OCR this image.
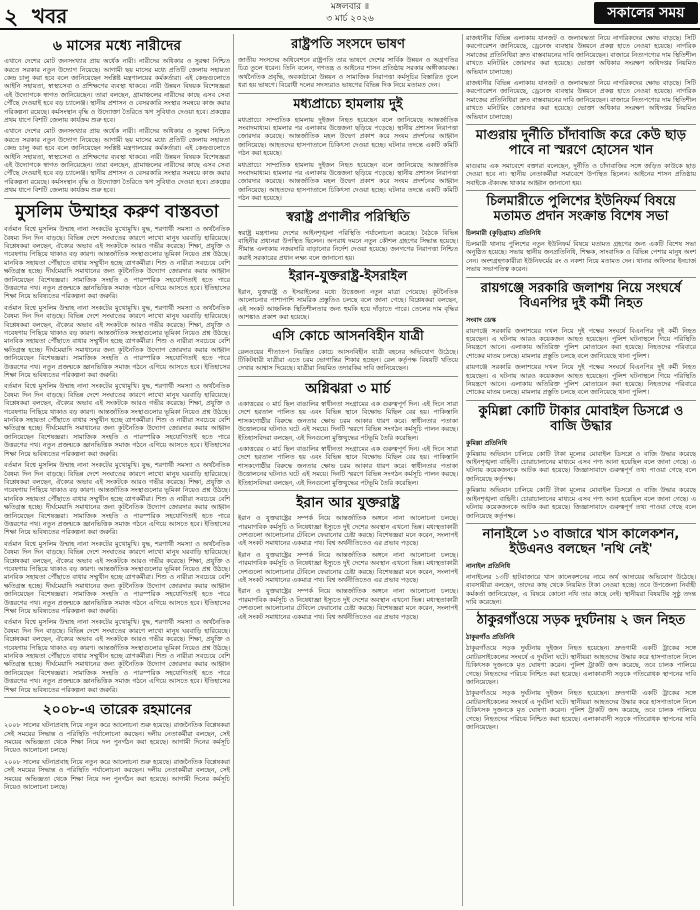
২ খবর	মঙ্গলবার ॥
৩ মার্চ ২০২৬	সকালের সময়
৬ মাসের মধ্যে নারীদের

এখানে দেশের মোট জনসংখ্যার প্রায় অর্ধেক নারী। নারীদের অধিকার ও সুরক্ষা নিশ্চিত করতে সরকার নতুন উদ্যোগ নিয়েছে। আগামী ছয় মাসের মধ্যে প্রতিটি জেলায় সহায়তা কেন্দ্র চালু করা হবে বলে জানিয়েছেন সংশ্লিষ্ট মন্ত্রণালয়ের কর্মকর্তারা। এই কেন্দ্রগুলোতে আইনি সহায়তা, স্বাস্থ্যসেবা ও প্রশিক্ষণের ব্যবস্থা থাকবে। নারী উন্নয়ন বিষয়ক বিশেষজ্ঞরা এই উদ্যোগকে স্বাগত জানিয়েছেন। তারা বলছেন, গ্রামাঞ্চলের নারীদের কাছে এসব সেবা পৌঁছে দেওয়াই হবে বড় চ্যালেঞ্জ। স্থানীয় প্রশাসন ও বেসরকারি সংস্থার সমন্বয়ে কাজ করার পরিকল্পনা রয়েছে। কর্মসংস্থান বৃদ্ধি ও উদ্যোক্তা তৈরিতে ঋণ সুবিধাও দেওয়া হবে। প্রকল্পের প্রথম ধাপে বিশটি জেলায় কার্যক্রম শুরু হবে।

এখানে দেশের মোট জনসংখ্যার প্রায় অর্ধেক নারী। নারীদের অধিকার ও সুরক্ষা নিশ্চিত করতে সরকার নতুন উদ্যোগ নিয়েছে। আগামী ছয় মাসের মধ্যে প্রতিটি জেলায় সহায়তা কেন্দ্র চালু করা হবে বলে জানিয়েছেন সংশ্লিষ্ট মন্ত্রণালয়ের কর্মকর্তারা। এই কেন্দ্রগুলোতে আইনি সহায়তা, স্বাস্থ্যসেবা ও প্রশিক্ষণের ব্যবস্থা থাকবে। নারী উন্নয়ন বিষয়ক বিশেষজ্ঞরা এই উদ্যোগকে স্বাগত জানিয়েছেন। তারা বলছেন, গ্রামাঞ্চলের নারীদের কাছে এসব সেবা পৌঁছে দেওয়াই হবে বড় চ্যালেঞ্জ। স্থানীয় প্রশাসন ও বেসরকারি সংস্থার সমন্বয়ে কাজ করার পরিকল্পনা রয়েছে। কর্মসংস্থান বৃদ্ধি ও উদ্যোক্তা তৈরিতে ঋণ সুবিধাও দেওয়া হবে। প্রকল্পের প্রথম ধাপে বিশটি জেলায় কার্যক্রম শুরু হবে।

মুসলিম উম্মাহর করুণ বাস্তবতা

বর্তমান বিশ্বে মুসলিম উম্মাহ নানা সংকটের মুখোমুখি। যুদ্ধ, শরণার্থী সমস্যা ও অর্থনৈতিক বৈষম্য দিন দিন বাড়ছে। বিভিন্ন দেশে সংঘাতের কারণে লাখো মানুষ ঘরবাড়ি হারিয়েছে। বিশ্লেষকরা বলছেন, ঐক্যের অভাব এই সংকটকে আরও গভীর করেছে। শিক্ষা, প্রযুক্তি ও গবেষণায় পিছিয়ে থাকাও বড় কারণ। আন্তর্জাতিক সংস্থাগুলোর ভূমিকা নিয়েও প্রশ্ন উঠছে। মানবিক সহায়তা পৌঁছাতে বাধার সম্মুখীন হচ্ছে ত্রাণকর্মীরা। শিশু ও নারীরা সবচেয়ে বেশি ক্ষতিগ্রস্ত হচ্ছে। দীর্ঘমেয়াদি সমাধানের জন্য কূটনৈতিক উদ্যোগ জোরদার করার আহ্বান জানিয়েছেন বিশেষজ্ঞরা। সামাজিক সংহতি ও পারস্পরিক সহযোগিতাই হতে পারে উত্তরণের পথ। নতুন প্রজন্মকে জ্ঞানভিত্তিক সমাজ গঠনে এগিয়ে আসতে হবে। ইতিহাসের শিক্ষা নিয়ে ভবিষ্যতের পরিকল্পনা করা জরুরি।

বর্তমান বিশ্বে মুসলিম উম্মাহ নানা সংকটের মুখোমুখি। যুদ্ধ, শরণার্থী সমস্যা ও অর্থনৈতিক বৈষম্য দিন দিন বাড়ছে। বিভিন্ন দেশে সংঘাতের কারণে লাখো মানুষ ঘরবাড়ি হারিয়েছে। বিশ্লেষকরা বলছেন, ঐক্যের অভাব এই সংকটকে আরও গভীর করেছে। শিক্ষা, প্রযুক্তি ও গবেষণায় পিছিয়ে থাকাও বড় কারণ। আন্তর্জাতিক সংস্থাগুলোর ভূমিকা নিয়েও প্রশ্ন উঠছে। মানবিক সহায়তা পৌঁছাতে বাধার সম্মুখীন হচ্ছে ত্রাণকর্মীরা। শিশু ও নারীরা সবচেয়ে বেশি ক্ষতিগ্রস্ত হচ্ছে। দীর্ঘমেয়াদি সমাধানের জন্য কূটনৈতিক উদ্যোগ জোরদার করার আহ্বান জানিয়েছেন বিশেষজ্ঞরা। সামাজিক সংহতি ও পারস্পরিক সহযোগিতাই হতে পারে উত্তরণের পথ। নতুন প্রজন্মকে জ্ঞানভিত্তিক সমাজ গঠনে এগিয়ে আসতে হবে। ইতিহাসের শিক্ষা নিয়ে ভবিষ্যতের পরিকল্পনা করা জরুরি।

বর্তমান বিশ্বে মুসলিম উম্মাহ নানা সংকটের মুখোমুখি। যুদ্ধ, শরণার্থী সমস্যা ও অর্থনৈতিক বৈষম্য দিন দিন বাড়ছে। বিভিন্ন দেশে সংঘাতের কারণে লাখো মানুষ ঘরবাড়ি হারিয়েছে। বিশ্লেষকরা বলছেন, ঐক্যের অভাব এই সংকটকে আরও গভীর করেছে। শিক্ষা, প্রযুক্তি ও গবেষণায় পিছিয়ে থাকাও বড় কারণ। আন্তর্জাতিক সংস্থাগুলোর ভূমিকা নিয়েও প্রশ্ন উঠছে। মানবিক সহায়তা পৌঁছাতে বাধার সম্মুখীন হচ্ছে ত্রাণকর্মীরা। শিশু ও নারীরা সবচেয়ে বেশি ক্ষতিগ্রস্ত হচ্ছে। দীর্ঘমেয়াদি সমাধানের জন্য কূটনৈতিক উদ্যোগ জোরদার করার আহ্বান জানিয়েছেন বিশেষজ্ঞরা। সামাজিক সংহতি ও পারস্পরিক সহযোগিতাই হতে পারে উত্তরণের পথ। নতুন প্রজন্মকে জ্ঞানভিত্তিক সমাজ গঠনে এগিয়ে আসতে হবে। ইতিহাসের শিক্ষা নিয়ে ভবিষ্যতের পরিকল্পনা করা জরুরি।

বর্তমান বিশ্বে মুসলিম উম্মাহ নানা সংকটের মুখোমুখি। যুদ্ধ, শরণার্থী সমস্যা ও অর্থনৈতিক বৈষম্য দিন দিন বাড়ছে। বিভিন্ন দেশে সংঘাতের কারণে লাখো মানুষ ঘরবাড়ি হারিয়েছে। বিশ্লেষকরা বলছেন, ঐক্যের অভাব এই সংকটকে আরও গভীর করেছে। শিক্ষা, প্রযুক্তি ও গবেষণায় পিছিয়ে থাকাও বড় কারণ। আন্তর্জাতিক সংস্থাগুলোর ভূমিকা নিয়েও প্রশ্ন উঠছে। মানবিক সহায়তা পৌঁছাতে বাধার সম্মুখীন হচ্ছে ত্রাণকর্মীরা। শিশু ও নারীরা সবচেয়ে বেশি ক্ষতিগ্রস্ত হচ্ছে। দীর্ঘমেয়াদি সমাধানের জন্য কূটনৈতিক উদ্যোগ জোরদার করার আহ্বান জানিয়েছেন বিশেষজ্ঞরা। সামাজিক সংহতি ও পারস্পরিক সহযোগিতাই হতে পারে উত্তরণের পথ। নতুন প্রজন্মকে জ্ঞানভিত্তিক সমাজ গঠনে এগিয়ে আসতে হবে। ইতিহাসের শিক্ষা নিয়ে ভবিষ্যতের পরিকল্পনা করা জরুরি।

বর্তমান বিশ্বে মুসলিম উম্মাহ নানা সংকটের মুখোমুখি। যুদ্ধ, শরণার্থী সমস্যা ও অর্থনৈতিক বৈষম্য দিন দিন বাড়ছে। বিভিন্ন দেশে সংঘাতের কারণে লাখো মানুষ ঘরবাড়ি হারিয়েছে। বিশ্লেষকরা বলছেন, ঐক্যের অভাব এই সংকটকে আরও গভীর করেছে। শিক্ষা, প্রযুক্তি ও গবেষণায় পিছিয়ে থাকাও বড় কারণ। আন্তর্জাতিক সংস্থাগুলোর ভূমিকা নিয়েও প্রশ্ন উঠছে। মানবিক সহায়তা পৌঁছাতে বাধার সম্মুখীন হচ্ছে ত্রাণকর্মীরা। শিশু ও নারীরা সবচেয়ে বেশি ক্ষতিগ্রস্ত হচ্ছে। দীর্ঘমেয়াদি সমাধানের জন্য কূটনৈতিক উদ্যোগ জোরদার করার আহ্বান জানিয়েছেন বিশেষজ্ঞরা। সামাজিক সংহতি ও পারস্পরিক সহযোগিতাই হতে পারে উত্তরণের পথ। নতুন প্রজন্মকে জ্ঞানভিত্তিক সমাজ গঠনে এগিয়ে আসতে হবে। ইতিহাসের শিক্ষা নিয়ে ভবিষ্যতের পরিকল্পনা করা জরুরি।

বর্তমান বিশ্বে মুসলিম উম্মাহ নানা সংকটের মুখোমুখি। যুদ্ধ, শরণার্থী সমস্যা ও অর্থনৈতিক বৈষম্য দিন দিন বাড়ছে। বিভিন্ন দেশে সংঘাতের কারণে লাখো মানুষ ঘরবাড়ি হারিয়েছে। বিশ্লেষকরা বলছেন, ঐক্যের অভাব এই সংকটকে আরও গভীর করেছে। শিক্ষা, প্রযুক্তি ও গবেষণায় পিছিয়ে থাকাও বড় কারণ। আন্তর্জাতিক সংস্থাগুলোর ভূমিকা নিয়েও প্রশ্ন উঠছে। মানবিক সহায়তা পৌঁছাতে বাধার সম্মুখীন হচ্ছে ত্রাণকর্মীরা। শিশু ও নারীরা সবচেয়ে বেশি ক্ষতিগ্রস্ত হচ্ছে। দীর্ঘমেয়াদি সমাধানের জন্য কূটনৈতিক উদ্যোগ জোরদার করার আহ্বান জানিয়েছেন বিশেষজ্ঞরা। সামাজিক সংহতি ও পারস্পরিক সহযোগিতাই হতে পারে উত্তরণের পথ। নতুন প্রজন্মকে জ্ঞানভিত্তিক সমাজ গঠনে এগিয়ে আসতে হবে। ইতিহাসের শিক্ষা নিয়ে ভবিষ্যতের পরিকল্পনা করা জরুরি।

২০০৮-এ তারেক রহমানের

২০০৮ সালের ঘটনাপ্রবাহ নিয়ে নতুন করে আলোচনা শুরু হয়েছে। রাজনৈতিক বিশ্লেষকরা সেই সময়ের সিদ্ধান্ত ও পরিস্থিতি পর্যালোচনা করছেন। দলীয় নেতাকর্মীরা বলছেন, সেই সময়ের অভিজ্ঞতা থেকে শিক্ষা নিয়ে দল পুনর্গঠন করা হয়েছে। আগামী দিনের কর্মসূচি নিয়েও আলোচনা চলছে।

২০০৮ সালের ঘটনাপ্রবাহ নিয়ে নতুন করে আলোচনা শুরু হয়েছে। রাজনৈতিক বিশ্লেষকরা সেই সময়ের সিদ্ধান্ত ও পরিস্থিতি পর্যালোচনা করছেন। দলীয় নেতাকর্মীরা বলছেন, সেই সময়ের অভিজ্ঞতা থেকে শিক্ষা নিয়ে দল পুনর্গঠন করা হয়েছে। আগামী দিনের কর্মসূচি নিয়েও আলোচনা চলছে।

রাষ্ট্রপতি সংসদে ভাষণ

জাতীয় সংসদের অধিবেশনে রাষ্ট্রপতি তার ভাষণে দেশের সার্বিক উন্নয়ন ও অগ্রগতির চিত্র তুলে ধরেন। তিনি বলেন, গণতন্ত্র ও আইনের শাসন প্রতিষ্ঠায় সরকার অঙ্গীকারবদ্ধ। অর্থনৈতিক প্রবৃদ্ধি, অবকাঠামো উন্নয়ন ও সামাজিক নিরাপত্তা কর্মসূচির বিস্তারিত তুলে ধরা হয় ভাষণে। বিরোধী দলের সদস্যরাও ভাষণের বিভিন্ন দিক নিয়ে মতামত দেন।

মধ্যপ্রাচ্যে হামলায় দুই

মধ্যপ্রাচ্যে সাম্প্রতিক হামলায় দুইজন নিহত হয়েছেন বলে জানিয়েছে আন্তর্জাতিক সংবাদমাধ্যম। হামলার পর এলাকায় উত্তেজনা ছড়িয়ে পড়েছে। স্থানীয় প্রশাসন নিরাপত্তা জোরদার করেছে। আন্তর্জাতিক মহল উদ্বেগ প্রকাশ করে সংযম প্রদর্শনের আহ্বান জানিয়েছে। আহতদের হাসপাতালে চিকিৎসা দেওয়া হচ্ছে। ঘটনার তদন্তে একটি কমিটি গঠন করা হয়েছে।

মধ্যপ্রাচ্যে সাম্প্রতিক হামলায় দুইজন নিহত হয়েছেন বলে জানিয়েছে আন্তর্জাতিক সংবাদমাধ্যম। হামলার পর এলাকায় উত্তেজনা ছড়িয়ে পড়েছে। স্থানীয় প্রশাসন নিরাপত্তা জোরদার করেছে। আন্তর্জাতিক মহল উদ্বেগ প্রকাশ করে সংযম প্রদর্শনের আহ্বান জানিয়েছে। আহতদের হাসপাতালে চিকিৎসা দেওয়া হচ্ছে। ঘটনার তদন্তে একটি কমিটি গঠন করা হয়েছে।

স্বরাষ্ট্র প্রণালীর পরিস্থিতি

স্বরাষ্ট্র মন্ত্রণালয় দেশের আইনশৃঙ্খলা পরিস্থিতি পর্যালোচনা করেছে। বৈঠকে বিভিন্ন বাহিনীর প্রধানরা উপস্থিত ছিলেন। অপরাধ দমনে নতুন কৌশল গ্রহণের সিদ্ধান্ত হয়েছে। সীমান্ত এলাকায় নজরদারি বাড়ানোর নির্দেশ দেওয়া হয়েছে। জনগণের নিরাপত্তা নিশ্চিত করাই সরকারের প্রধান লক্ষ্য বলে জানানো হয়।

ইরান-যুক্তরাষ্ট্র-ইসরাইল

ইরান, যুক্তরাষ্ট্র ও ইসরাইলের মধ্যে উত্তেজনা নতুন মাত্রা পেয়েছে। কূটনৈতিক আলোচনার পাশাপাশি সামরিক প্রস্তুতিও চলছে বলে জানা গেছে। বিশ্লেষকরা বলছেন, এই সংকট আঞ্চলিক স্থিতিশীলতার জন্য হুমকি হয়ে দাঁড়াতে পারে। তেলের দাম বৃদ্ধির আশঙ্কাও প্রকাশ করা হয়েছে।

এসি কোচে আসনবিহীন যাত্রী

রেলওয়ের শীতাতপ নিয়ন্ত্রিত কোচে আসনবিহীন যাত্রী বহনের অভিযোগ উঠেছে। টিকিটধারী যাত্রীরা এতে চরম ভোগান্তির শিকার হচ্ছেন। রেল কর্তৃপক্ষ বিষয়টি খতিয়ে দেখার আশ্বাস দিয়েছে। যাত্রীরা নিয়মিত তদারকির দাবি জানিয়েছেন।

অগ্নিঝরা ৩ মার্চ

একাত্তরের ৩ মার্চ ছিল বাঙালির স্বাধীনতা সংগ্রামের এক গুরুত্বপূর্ণ দিন। এই দিনে সারা দেশে হরতাল পালিত হয় এবং বিভিন্ন স্থানে বিক্ষোভ মিছিল বের হয়। পাকিস্তানি শাসকগোষ্ঠীর বিরুদ্ধে জনতার ক্ষোভ চরম আকার ধারণ করে। স্বাধীনতার পতাকা উত্তোলনের ঘটনাও ঘটে এই সময়ে। দিনটি স্মরণে বিভিন্ন সংগঠন কর্মসূচি পালন করছে। ইতিহাসবিদরা বলছেন, এই দিনগুলো মুক্তিযুদ্ধের পটভূমি তৈরি করেছিল।

একাত্তরের ৩ মার্চ ছিল বাঙালির স্বাধীনতা সংগ্রামের এক গুরুত্বপূর্ণ দিন। এই দিনে সারা দেশে হরতাল পালিত হয় এবং বিভিন্ন স্থানে বিক্ষোভ মিছিল বের হয়। পাকিস্তানি শাসকগোষ্ঠীর বিরুদ্ধে জনতার ক্ষোভ চরম আকার ধারণ করে। স্বাধীনতার পতাকা উত্তোলনের ঘটনাও ঘটে এই সময়ে। দিনটি স্মরণে বিভিন্ন সংগঠন কর্মসূচি পালন করছে। ইতিহাসবিদরা বলছেন, এই দিনগুলো মুক্তিযুদ্ধের পটভূমি তৈরি করেছিল।

ইরান আর যুক্তরাষ্ট্র

ইরান ও যুক্তরাষ্ট্রের সম্পর্ক নিয়ে আন্তর্জাতিক অঙ্গনে নানা আলোচনা চলছে। পারমাণবিক কর্মসূচি ও নিষেধাজ্ঞা ইস্যুতে দুই দেশের অবস্থান এখনো ভিন্ন। মধ্যস্থতাকারী দেশগুলো আলোচনার টেবিলে ফেরানোর চেষ্টা করছে। বিশেষজ্ঞরা মনে করেন, সংলাপই এই সংকট সমাধানের একমাত্র পথ। বিশ্ব অর্থনীতিতেও এর প্রভাব পড়ছে।

ইরান ও যুক্তরাষ্ট্রের সম্পর্ক নিয়ে আন্তর্জাতিক অঙ্গনে নানা আলোচনা চলছে। পারমাণবিক কর্মসূচি ও নিষেধাজ্ঞা ইস্যুতে দুই দেশের অবস্থান এখনো ভিন্ন। মধ্যস্থতাকারী দেশগুলো আলোচনার টেবিলে ফেরানোর চেষ্টা করছে। বিশেষজ্ঞরা মনে করেন, সংলাপই এই সংকট সমাধানের একমাত্র পথ। বিশ্ব অর্থনীতিতেও এর প্রভাব পড়ছে।

ইরান ও যুক্তরাষ্ট্রের সম্পর্ক নিয়ে আন্তর্জাতিক অঙ্গনে নানা আলোচনা চলছে। পারমাণবিক কর্মসূচি ও নিষেধাজ্ঞা ইস্যুতে দুই দেশের অবস্থান এখনো ভিন্ন। মধ্যস্থতাকারী দেশগুলো আলোচনার টেবিলে ফেরানোর চেষ্টা করছে। বিশেষজ্ঞরা মনে করেন, সংলাপই এই সংকট সমাধানের একমাত্র পথ। বিশ্ব অর্থনীতিতেও এর প্রভাব পড়ছে।

রাজধানীর বিভিন্ন এলাকায় যানজট ও জলাবদ্ধতা নিয়ে নাগরিকদের ক্ষোভ বাড়ছে। সিটি করপোরেশন জানিয়েছে, ড্রেনেজ ব্যবস্থার উন্নয়নে প্রকল্প হাতে নেওয়া হয়েছে। নাগরিক সমাজের প্রতিনিধিরা দ্রুত বাস্তবায়নের দাবি জানিয়েছেন। বাজারে নিত্যপণ্যের দাম স্থিতিশীল রাখতে মনিটরিং জোরদার করা হয়েছে। ভোক্তা অধিকার সংরক্ষণ অধিদপ্তর নিয়মিত অভিযান চালাচ্ছে।

রাজধানীর বিভিন্ন এলাকায় যানজট ও জলাবদ্ধতা নিয়ে নাগরিকদের ক্ষোভ বাড়ছে। সিটি করপোরেশন জানিয়েছে, ড্রেনেজ ব্যবস্থার উন্নয়নে প্রকল্প হাতে নেওয়া হয়েছে। নাগরিক সমাজের প্রতিনিধিরা দ্রুত বাস্তবায়নের দাবি জানিয়েছেন। বাজারে নিত্যপণ্যের দাম স্থিতিশীল রাখতে মনিটরিং জোরদার করা হয়েছে। ভোক্তা অধিকার সংরক্ষণ অধিদপ্তর নিয়মিত অভিযান চালাচ্ছে।

মাগুরায় দুর্নীতি চাঁদাবাজি করে কেউ ছাড় পাবে না স্মরণে হোসেন খান

মাগুরায় এক সমাবেশে বক্তারা বলেছেন, দুর্নীতি ও চাঁদাবাজির সঙ্গে জড়িত কাউকে ছাড় দেওয়া হবে না। স্থানীয় নেতাকর্মীরা সমাবেশে উপস্থিত ছিলেন। আইনের শাসন প্রতিষ্ঠায় সবাইকে ঐক্যবদ্ধ থাকার আহ্বান জানানো হয়।

চিলমারীতে পুলিশের ইউনিফর্ম বিষয়ে মতামত প্রদান সংক্রান্ত বিশেষ সভা
চিলমারী (কুড়িগ্রাম) প্রতিনিধি

চিলমারী থানায় পুলিশের নতুন ইউনিফর্ম বিষয়ে মতামত গ্রহণের জন্য একটি বিশেষ সভা অনুষ্ঠিত হয়েছে। সভায় স্থানীয় জনপ্রতিনিধি, শিক্ষক, সাংবাদিক ও বিভিন্ন পেশার মানুষ অংশ নেন। অংশগ্রহণকারীরা ইউনিফর্মের রং ও নকশা নিয়ে মতামত দেন। থানার অফিসার ইনচার্জ সভায় সভাপতিত্ব করেন।

রায়গঞ্জে সরকারি জলাশয় নিয়ে সংঘর্ষে বিএনপির দুই কর্মী নিহত
সংবাদ ডেস্ক

রায়গঞ্জে সরকারি জলাশয়ের দখল নিয়ে দুই পক্ষের সংঘর্ষে বিএনপির দুই কর্মী নিহত হয়েছেন। এ ঘটনায় আরও কয়েকজন আহত হয়েছেন। পুলিশ ঘটনাস্থলে গিয়ে পরিস্থিতি নিয়ন্ত্রণে আনে। এলাকায় অতিরিক্ত পুলিশ মোতায়েন করা হয়েছে। নিহতদের পরিবারে শোকের মাতম চলছে। মামলার প্রস্তুতি চলছে বলে জানিয়েছে থানা পুলিশ।

রায়গঞ্জে সরকারি জলাশয়ের দখল নিয়ে দুই পক্ষের সংঘর্ষে বিএনপির দুই কর্মী নিহত হয়েছেন। এ ঘটনায় আরও কয়েকজন আহত হয়েছেন। পুলিশ ঘটনাস্থলে গিয়ে পরিস্থিতি নিয়ন্ত্রণে আনে। এলাকায় অতিরিক্ত পুলিশ মোতায়েন করা হয়েছে। নিহতদের পরিবারে শোকের মাতম চলছে। মামলার প্রস্তুতি চলছে বলে জানিয়েছে থানা পুলিশ।

কুমিল্লা কোটি টাকার মোবাইল ডিসপ্লে ও বাজি উদ্ধার
কুমিল্লা প্রতিনিধি

কুমিল্লায় অভিযান চালিয়ে কোটি টাকা মূল্যের মোবাইল ডিসপ্লে ও বাজি উদ্ধার করেছে আইনশৃঙ্খলা বাহিনী। চোরাচালানের মাধ্যমে এসব পণ্য আনা হয়েছিল বলে জানা গেছে। এ ঘটনায় কয়েকজনকে আটক করা হয়েছে। জিজ্ঞাসাবাদে গুরুত্বপূর্ণ তথ্য পাওয়া গেছে বলে জানিয়েছে কর্তৃপক্ষ।

কুমিল্লায় অভিযান চালিয়ে কোটি টাকা মূল্যের মোবাইল ডিসপ্লে ও বাজি উদ্ধার করেছে আইনশৃঙ্খলা বাহিনী। চোরাচালানের মাধ্যমে এসব পণ্য আনা হয়েছিল বলে জানা গেছে। এ ঘটনায় কয়েকজনকে আটক করা হয়েছে। জিজ্ঞাসাবাদে গুরুত্বপূর্ণ তথ্য পাওয়া গেছে বলে জানিয়েছে কর্তৃপক্ষ।

নানাইলে ১৩ বাজারে খাস কালেকশন, ইউএনও বলছেন 'নথি নেই'
নানাইল প্রতিনিধি

নানাইলের ১৩টি হাটবাজারে খাস কালেকশনের নামে অর্থ আদায়ের অভিযোগ উঠেছে। ব্যবসায়ীরা বলছেন, তাদের কাছ থেকে নিয়মিত টাকা নেওয়া হচ্ছে। তবে উপজেলা নির্বাহী কর্মকর্তা জানিয়েছেন, এ বিষয়ে কোনো নথি তার কাছে নেই। স্থানীয়রা বিষয়টির সুষ্ঠু তদন্ত দাবি করেছেন।

ঠাকুরগাঁওয়ে সড়ক দুর্ঘটনায় ২ জন নিহত
ঠাকুরগাঁও প্রতিনিধি

ঠাকুরগাঁওয়ে সড়ক দুর্ঘটনায় দুইজন নিহত হয়েছেন। দ্রুতগামী একটি ট্রাকের সঙ্গে মোটরসাইকেলের সংঘর্ষে এ দুর্ঘটনা ঘটে। স্থানীয়রা আহতদের উদ্ধার করে হাসপাতালে নিলে চিকিৎসক দুজনকে মৃত ঘোষণা করেন। পুলিশ ট্রাকটি জব্দ করেছে, তবে চালক পালিয়ে গেছে। নিহতদের পরিচয় নিশ্চিত করা হয়েছে। এলাকাবাসী সড়কে গতিরোধক স্থাপনের দাবি জানিয়েছেন।

ঠাকুরগাঁওয়ে সড়ক দুর্ঘটনায় দুইজন নিহত হয়েছেন। দ্রুতগামী একটি ট্রাকের সঙ্গে মোটরসাইকেলের সংঘর্ষে এ দুর্ঘটনা ঘটে। স্থানীয়রা আহতদের উদ্ধার করে হাসপাতালে নিলে চিকিৎসক দুজনকে মৃত ঘোষণা করেন। পুলিশ ট্রাকটি জব্দ করেছে, তবে চালক পালিয়ে গেছে। নিহতদের পরিচয় নিশ্চিত করা হয়েছে। এলাকাবাসী সড়কে গতিরোধক স্থাপনের দাবি জানিয়েছেন।
